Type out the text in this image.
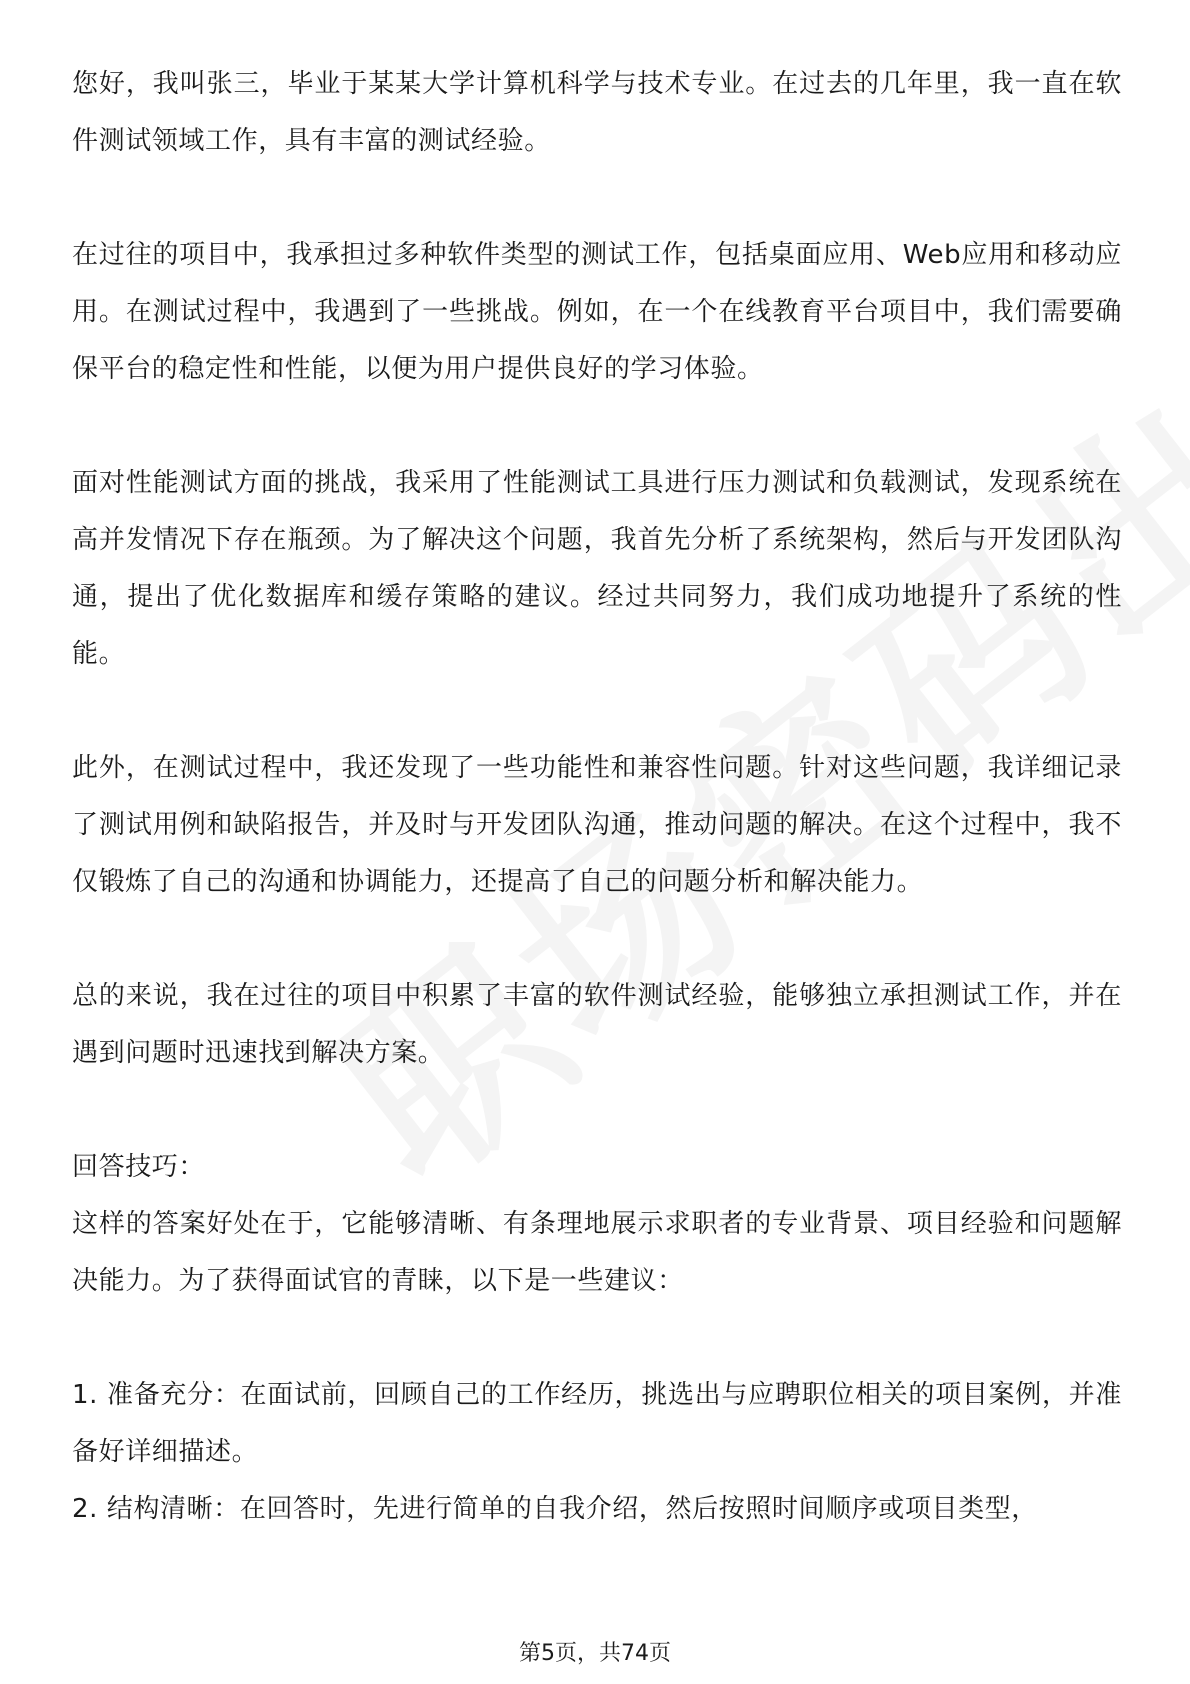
您好，我叫张三，毕业于某某大学计算机科学与技术专业。在过去的几年里，我一直在软件测试领域工作，具有丰富的测试经验。

在过往的项目中，我承担过多种软件类型的测试工作，包括桌面应用、Web应用和移动应用。在测试过程中，我遇到了一些挑战。例如，在一个在线教育平台项目中，我们需要确保平台的稳定性和性能，以便为用户提供良好的学习体验。

面对性能测试方面的挑战，我采用了性能测试工具进行压力测试和负载测试，发现系统在高并发情况下存在瓶颈。为了解决这个问题，我首先分析了系统架构，然后与开发团队沟通，提出了优化数据库和缓存策略的建议。经过共同努力，我们成功地提升了系统的性能。

此外，在测试过程中，我还发现了一些功能性和兼容性问题。针对这些问题，我详细记录了测试用例和缺陷报告，并及时与开发团队沟通，推动问题的解决。在这个过程中，我不仅锻炼了自己的沟通和协调能力，还提高了自己的问题分析和解决能力。

总的来说，我在过往的项目中积累了丰富的软件测试经验，能够独立承担测试工作，并在遇到问题时迅速找到解决方案。

回答技巧：

这样的答案好处在于，它能够清晰、有条理地展示求职者的专业背景、项目经验和问题解决能力。为了获得面试官的青睐，以下是一些建议：

1. 准备充分：在面试前，回顾自己的工作经历，挑选出与应聘职位相关的项目案例，并准备好详细描述。

2. 结构清晰：在回答时，先进行简单的自我介绍，然后按照时间顺序或项目类型，

第5页，共74页
